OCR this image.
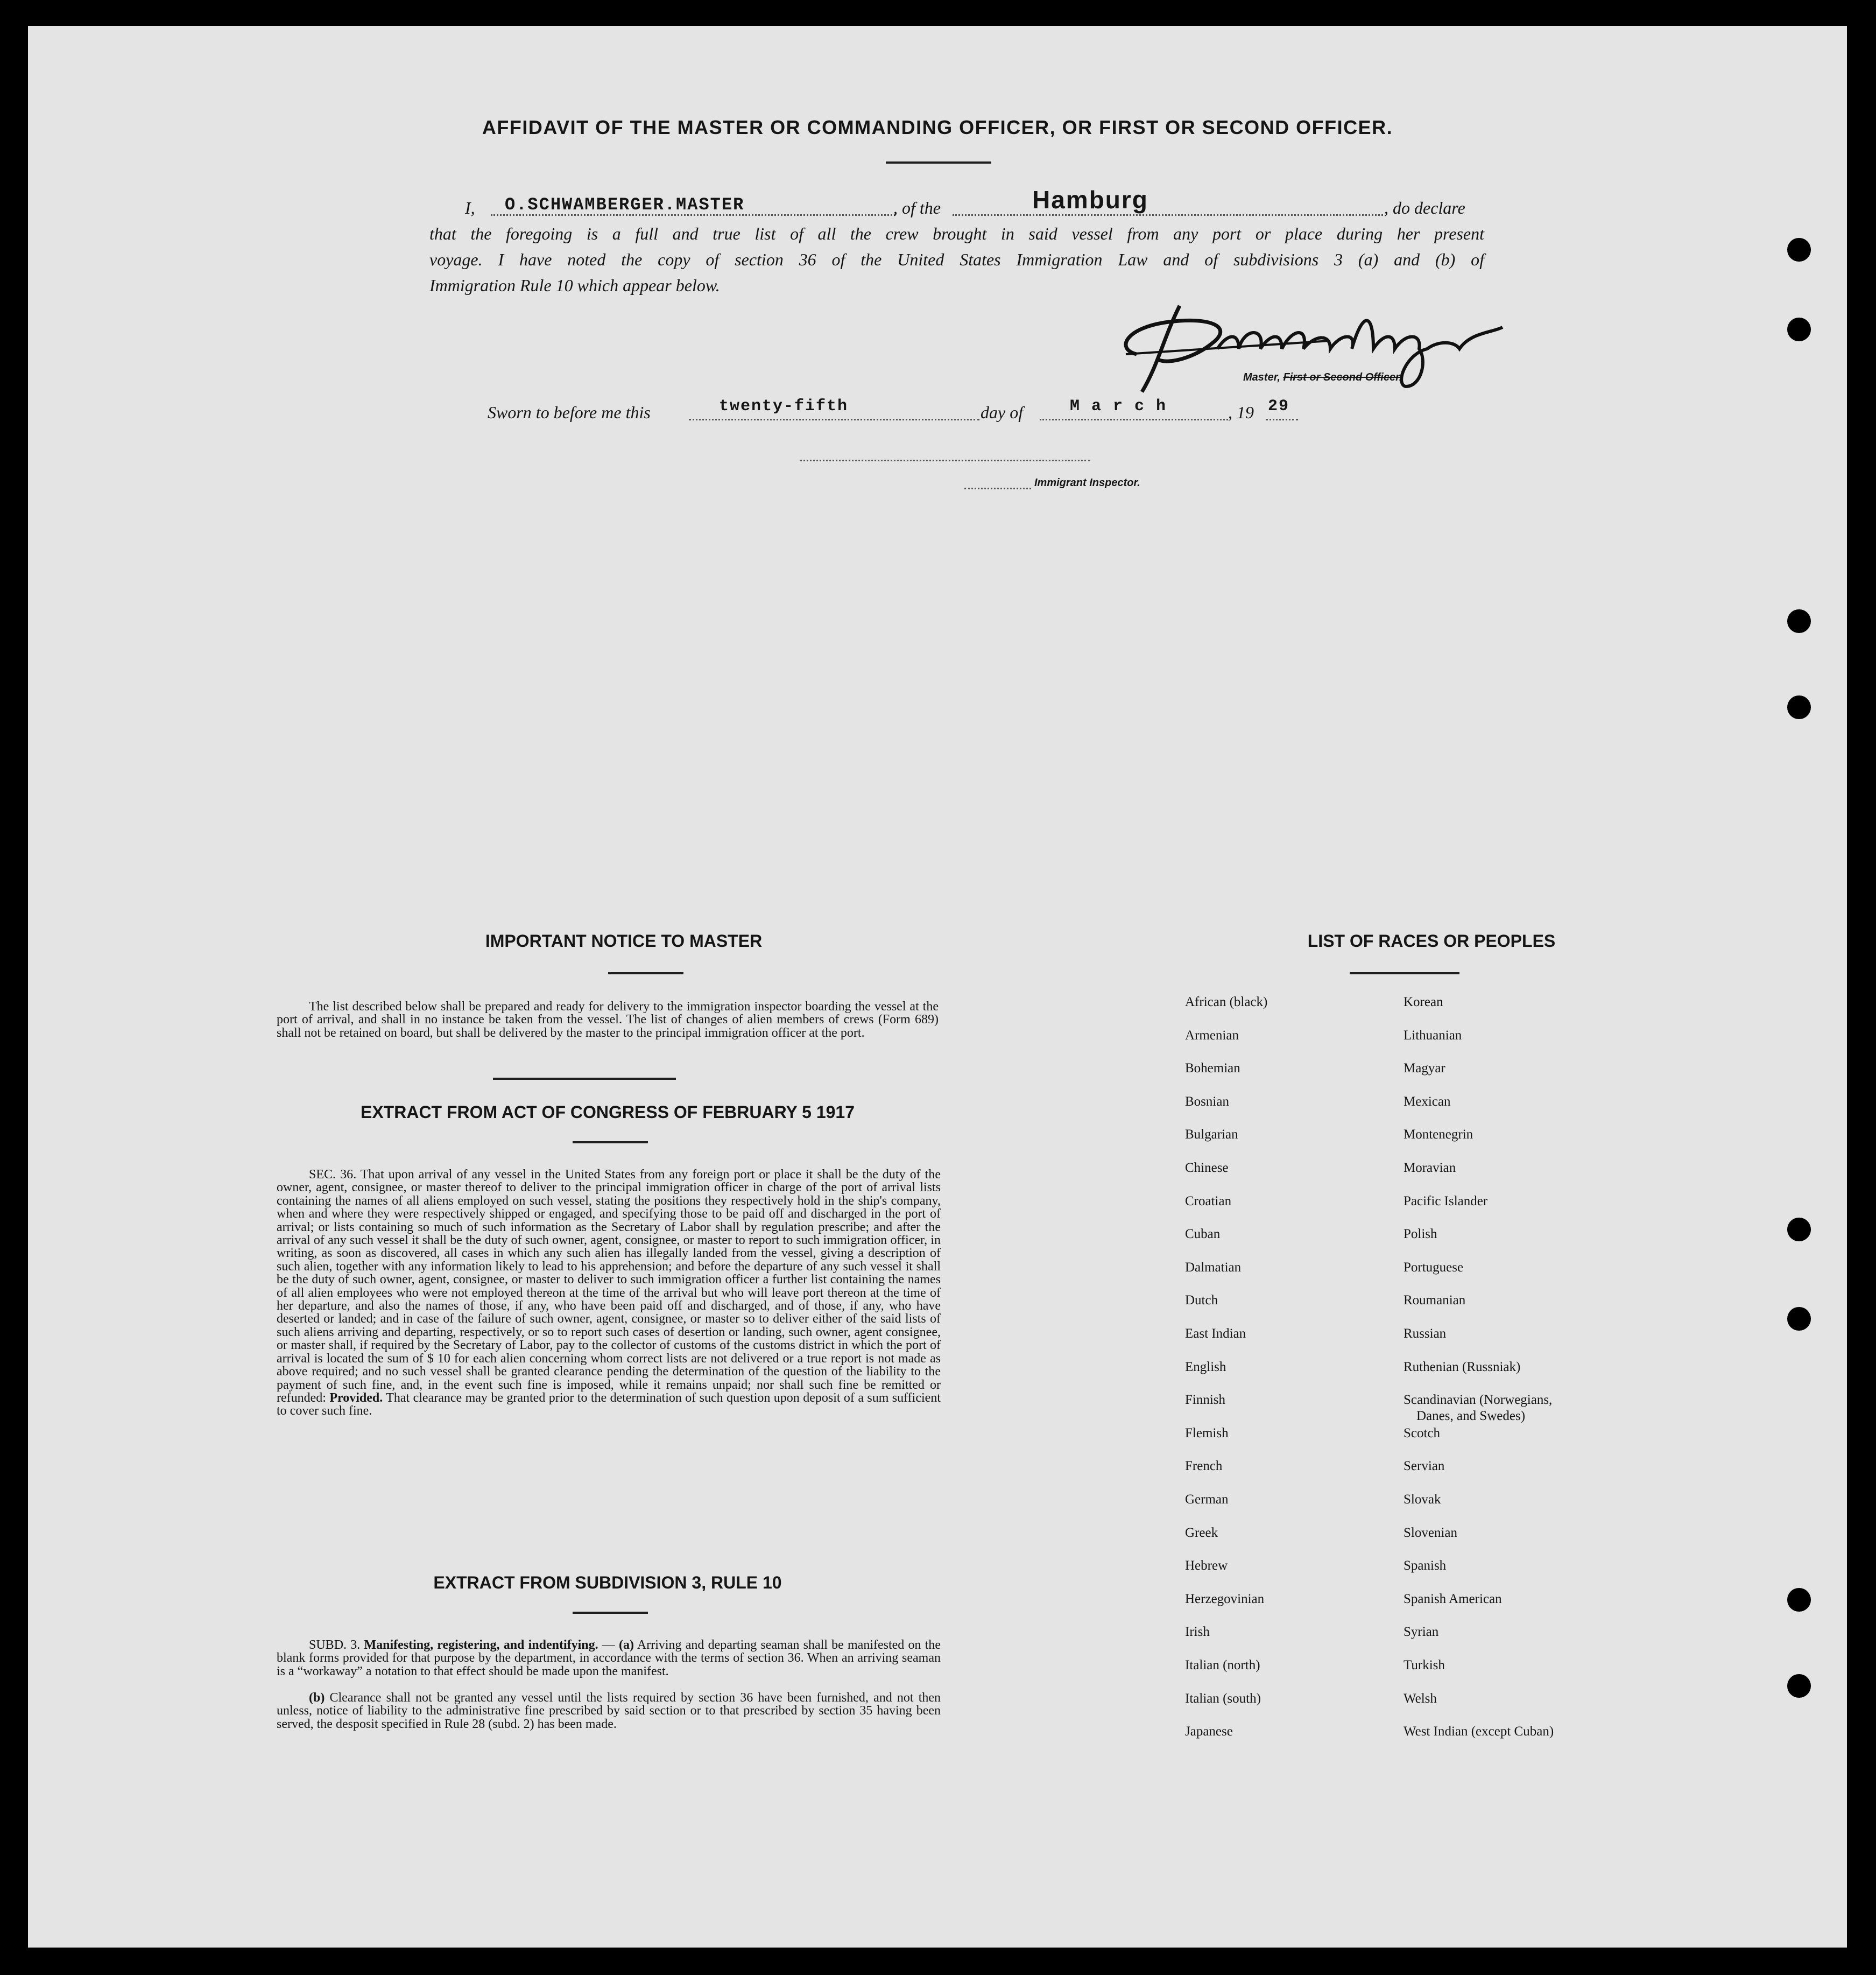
AFFIDAVIT OF THE MASTER OR COMMANDING OFFICER, OR FIRST OR SECOND OFFICER.
I, O.SCHWAMBERGER.MASTER	, of the	Hamburg	, do declare
that the foregoing is a full and true list of all the crew brought in said vessel from any port or place during her present
voyage. I have noted the copy of section 36 of the United States Immigration Law and of subdivisions 3 (a) and (b) of
Immigration Rule 10 which appear below.
Master, First or Second Officer.
Sworn to before me this	twenty-fifth	day of	M a r c h	, 19 29
Immigrant Inspector.
IMPORTANT NOTICE TO MASTER
The list described below shall be prepared and ready for delivery to the immigration inspector boarding the vessel at the port of arrival, and shall in no instance be taken from the vessel. The list of changes of alien members of crews (Form 689) shall not be retained on board, but shall be delivered by the master to the principal immigration officer at the port.
EXTRACT FROM ACT OF CONGRESS OF FEBRUARY 5 1917
SEC. 36. That upon arrival of any vessel in the United States from any foreign port or place it shall be the duty of the owner, agent, consignee, or master thereof to deliver to the principal immigration officer in charge of the port of arrival lists containing the names of all aliens employed on such vessel, stating the positions they respectively hold in the ship's company, when and where they were respectively shipped or engaged, and specifying those to be paid off and discharged in the port of arrival; or lists containing so much of such information as the Secretary of Labor shall by regulation prescribe; and after the arrival of any such vessel it shall be the duty of such owner, agent, consignee, or master to report to such immigration officer, in writing, as soon as discovered, all cases in which any such alien has illegally landed from the vessel, giving a description of such alien, together with any information likely to lead to his apprehension; and before the departure of any such vessel it shall be the duty of such owner, agent, consignee, or master to deliver to such immigration officer a further list containing the names of all alien employees who were not employed thereon at the time of the arrival but who will leave port thereon at the time of her departure, and also the names of those, if any, who have been paid off and discharged, and of those, if any, who have deserted or landed; and in case of the failure of such owner, agent, consignee, or master so to deliver either of the said lists of such aliens arriving and departing, respectively, or so to report such cases of desertion or landing, such owner, agent consignee, or master shall, if required by the Secretary of Labor, pay to the collector of customs of the customs district in which the port of arrival is located the sum of $ 10 for each alien concerning whom correct lists are not delivered or a true report is not made as above required; and no such vessel shall be granted clearance pending the determination of the question of the liability to the payment of such fine, and, in the event such fine is imposed, while it remains unpaid; nor shall such fine be remitted or refunded: Provided. That clearance may be granted prior to the determination of such question upon deposit of a sum sufficient to cover such fine.
EXTRACT FROM SUBDIVISION 3, RULE 10
SUBD. 3. Manifesting, registering, and indentifying. — (a) Arriving and departing seaman shall be manifested on the blank forms provided for that purpose by the department, in accordance with the terms of section 36. When an arriving seaman is a “workaway” a notation to that effect should be made upon the manifest.
(b) Clearance shall not be granted any vessel until the lists required by section 36 have been furnished, and not then unless, notice of liability to the administrative fine prescribed by said section or to that prescribed by section 35 having been served, the desposit specified in Rule 28 (subd. 2) has been made.
LIST OF RACES OR PEOPLES
African (black)
Armenian
Bohemian
Bosnian
Bulgarian
Chinese
Croatian
Cuban
Dalmatian
Dutch
East Indian
English
Finnish
Flemish
French
German
Greek
Hebrew
Herzegovinian
Irish
Italian (north)
Italian (south)
Japanese
Korean
Lithuanian
Magyar
Mexican
Montenegrin
Moravian
Pacific Islander
Polish
Portuguese
Roumanian
Russian
Ruthenian (Russniak)
Scandinavian (Norwegians,
Danes, and Swedes)
Scotch
Servian
Slovak
Slovenian
Spanish
Spanish American
Syrian
Turkish
Welsh
West Indian (except Cuban)
